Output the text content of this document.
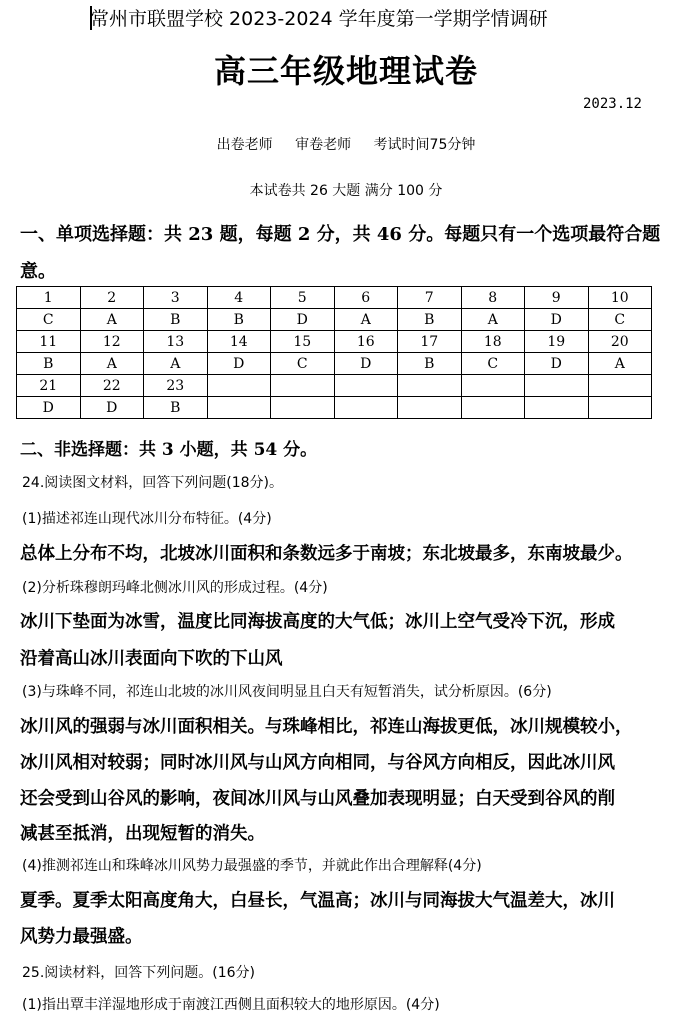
常州市联盟学校 2023-2024 学年度第一学期学情调研
高三年级地理试卷
2023.12
出卷老师 审卷老师 考试时间75分钟
本试卷共 26 大题 满分 100 分
一、单项选择题：共 23 题，每题 2 分，共 46 分。每题只有一个选项最符合题
意。
1	2	3	4	5	6	7	8	9	10
C	A	B	B	D	A	B	A	D	C
11	12	13	14	15	16	17	18	19	20
B	A	A	D	C	D	B	C	D	A
21	22	23							
D	D	B							
二、非选择题：共 3 小题，共 54 分。
24.阅读图文材料，回答下列问题(18分)。
(1)描述祁连山现代冰川分布特征。(4分)
总体上分布不均，北坡冰川面积和条数远多于南坡；东北坡最多，东南坡最少。
(2)分析珠穆朗玛峰北侧冰川风的形成过程。(4分)
冰川下垫面为冰雪，温度比同海拔高度的大气低；冰川上空气受冷下沉，形成
沿着高山冰川表面向下吹的下山风
(3)与珠峰不同，祁连山北坡的冰川风夜间明显且白天有短暂消失，试分析原因。(6分)
冰川风的强弱与冰川面积相关。与珠峰相比，祁连山海拔更低，冰川规模较小，
冰川风相对较弱；同时冰川风与山风方向相同，与谷风方向相反，因此冰川风
还会受到山谷风的影响，夜间冰川风与山风叠加表现明显；白天受到谷风的削
减甚至抵消，出现短暂的消失。
(4)推测祁连山和珠峰冰川风势力最强盛的季节，并就此作出合理解释(4分)
夏季。夏季太阳高度角大，白昼长，气温高；冰川与同海拔大气温差大，冰川
风势力最强盛。
25.阅读材料，回答下列问题。(16分)
(1)指出覃丰洋湿地形成于南渡江西侧且面积较大的地形原因。(4分)
